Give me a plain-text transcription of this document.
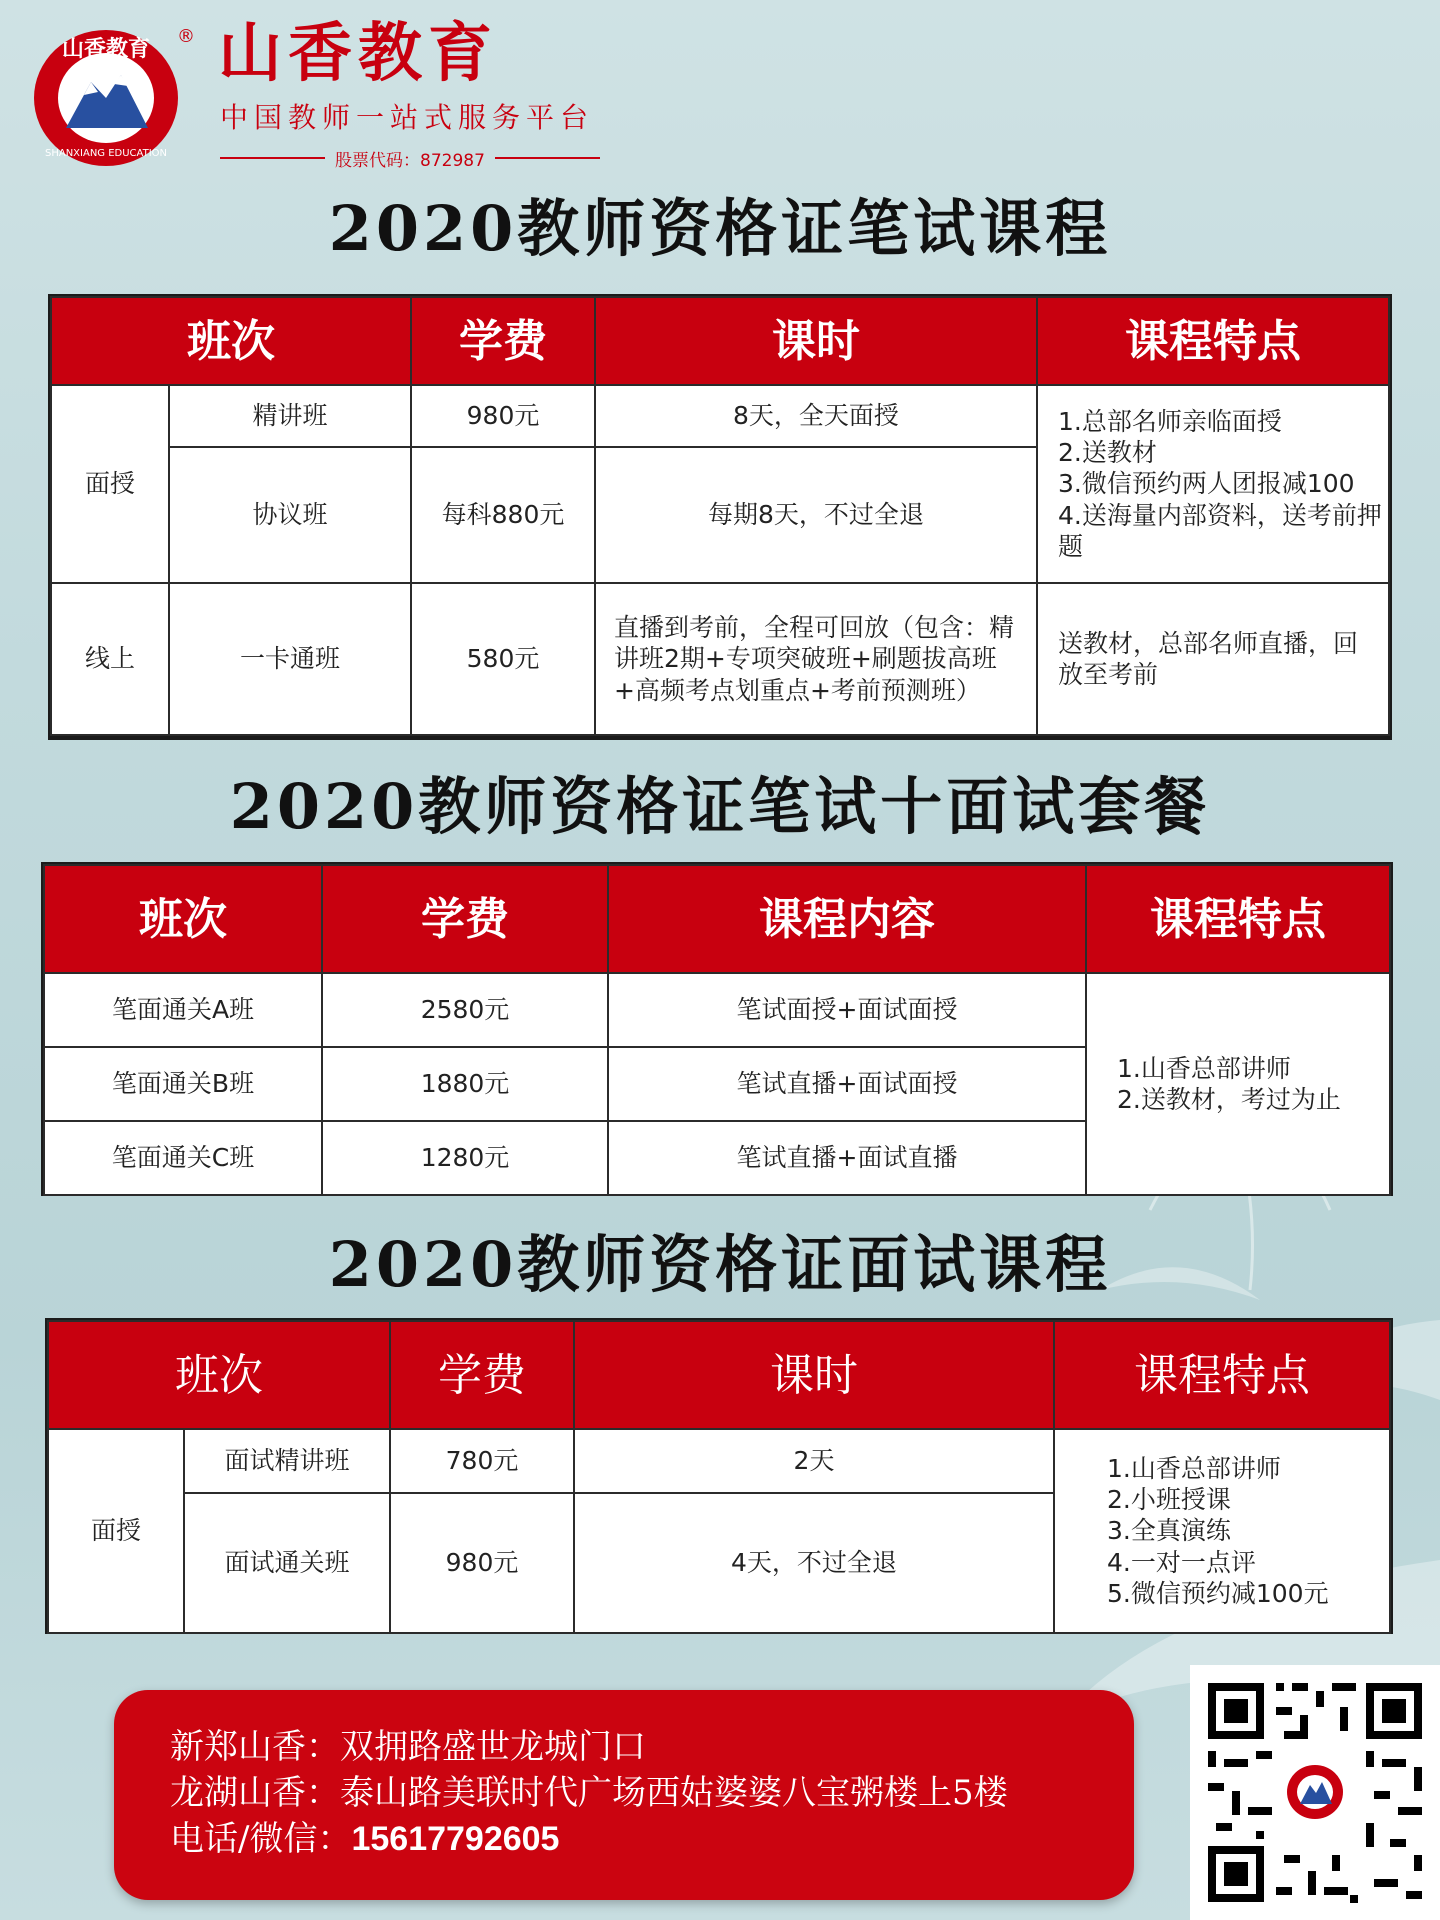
山香教育
SHANXIANG EDUCATION
® 山香教育
中国教师一站式服务平台
股票代码：872987
2020教师资格证笔试课程
班次		学费	课时	课程特点
面授	精讲班	980元	8天，全天面授	1.总部名师亲临面授
2.送教材
3.微信预约两人团报减100
4.送海量内部资料，送考前押题
	协议班	每科880元	每期8天，不过全退	
线上	一卡通班	580元	直播到考前，全程可回放（包含：精讲班2期+专项突破班+刷题拔高班+高频考点划重点+考前预测班）	送教材，总部名师直播，回放至考前
2020教师资格证笔试十面试套餐
班次	学费	课程内容	课程特点
笔面通关A班	2580元	笔试面授+面试面授	1.山香总部讲师
2.送教材，考过为止
笔面通关B班	1880元	笔试直播+面试面授	
笔面通关C班	1280元	笔试直播+面试直播	
2020教师资格证面试课程
班次		学费	课时	课程特点
面授	面试精讲班	780元	2天	1.山香总部讲师
2.小班授课
3.全真演练
4.一对一点评
5.微信预约减100元
	面试通关班	980元	4天，不过全退	
新郑山香：双拥路盛世龙城门口
龙湖山香：泰山路美联时代广场西姑婆婆八宝粥楼上5楼
电话/微信：15617792605
